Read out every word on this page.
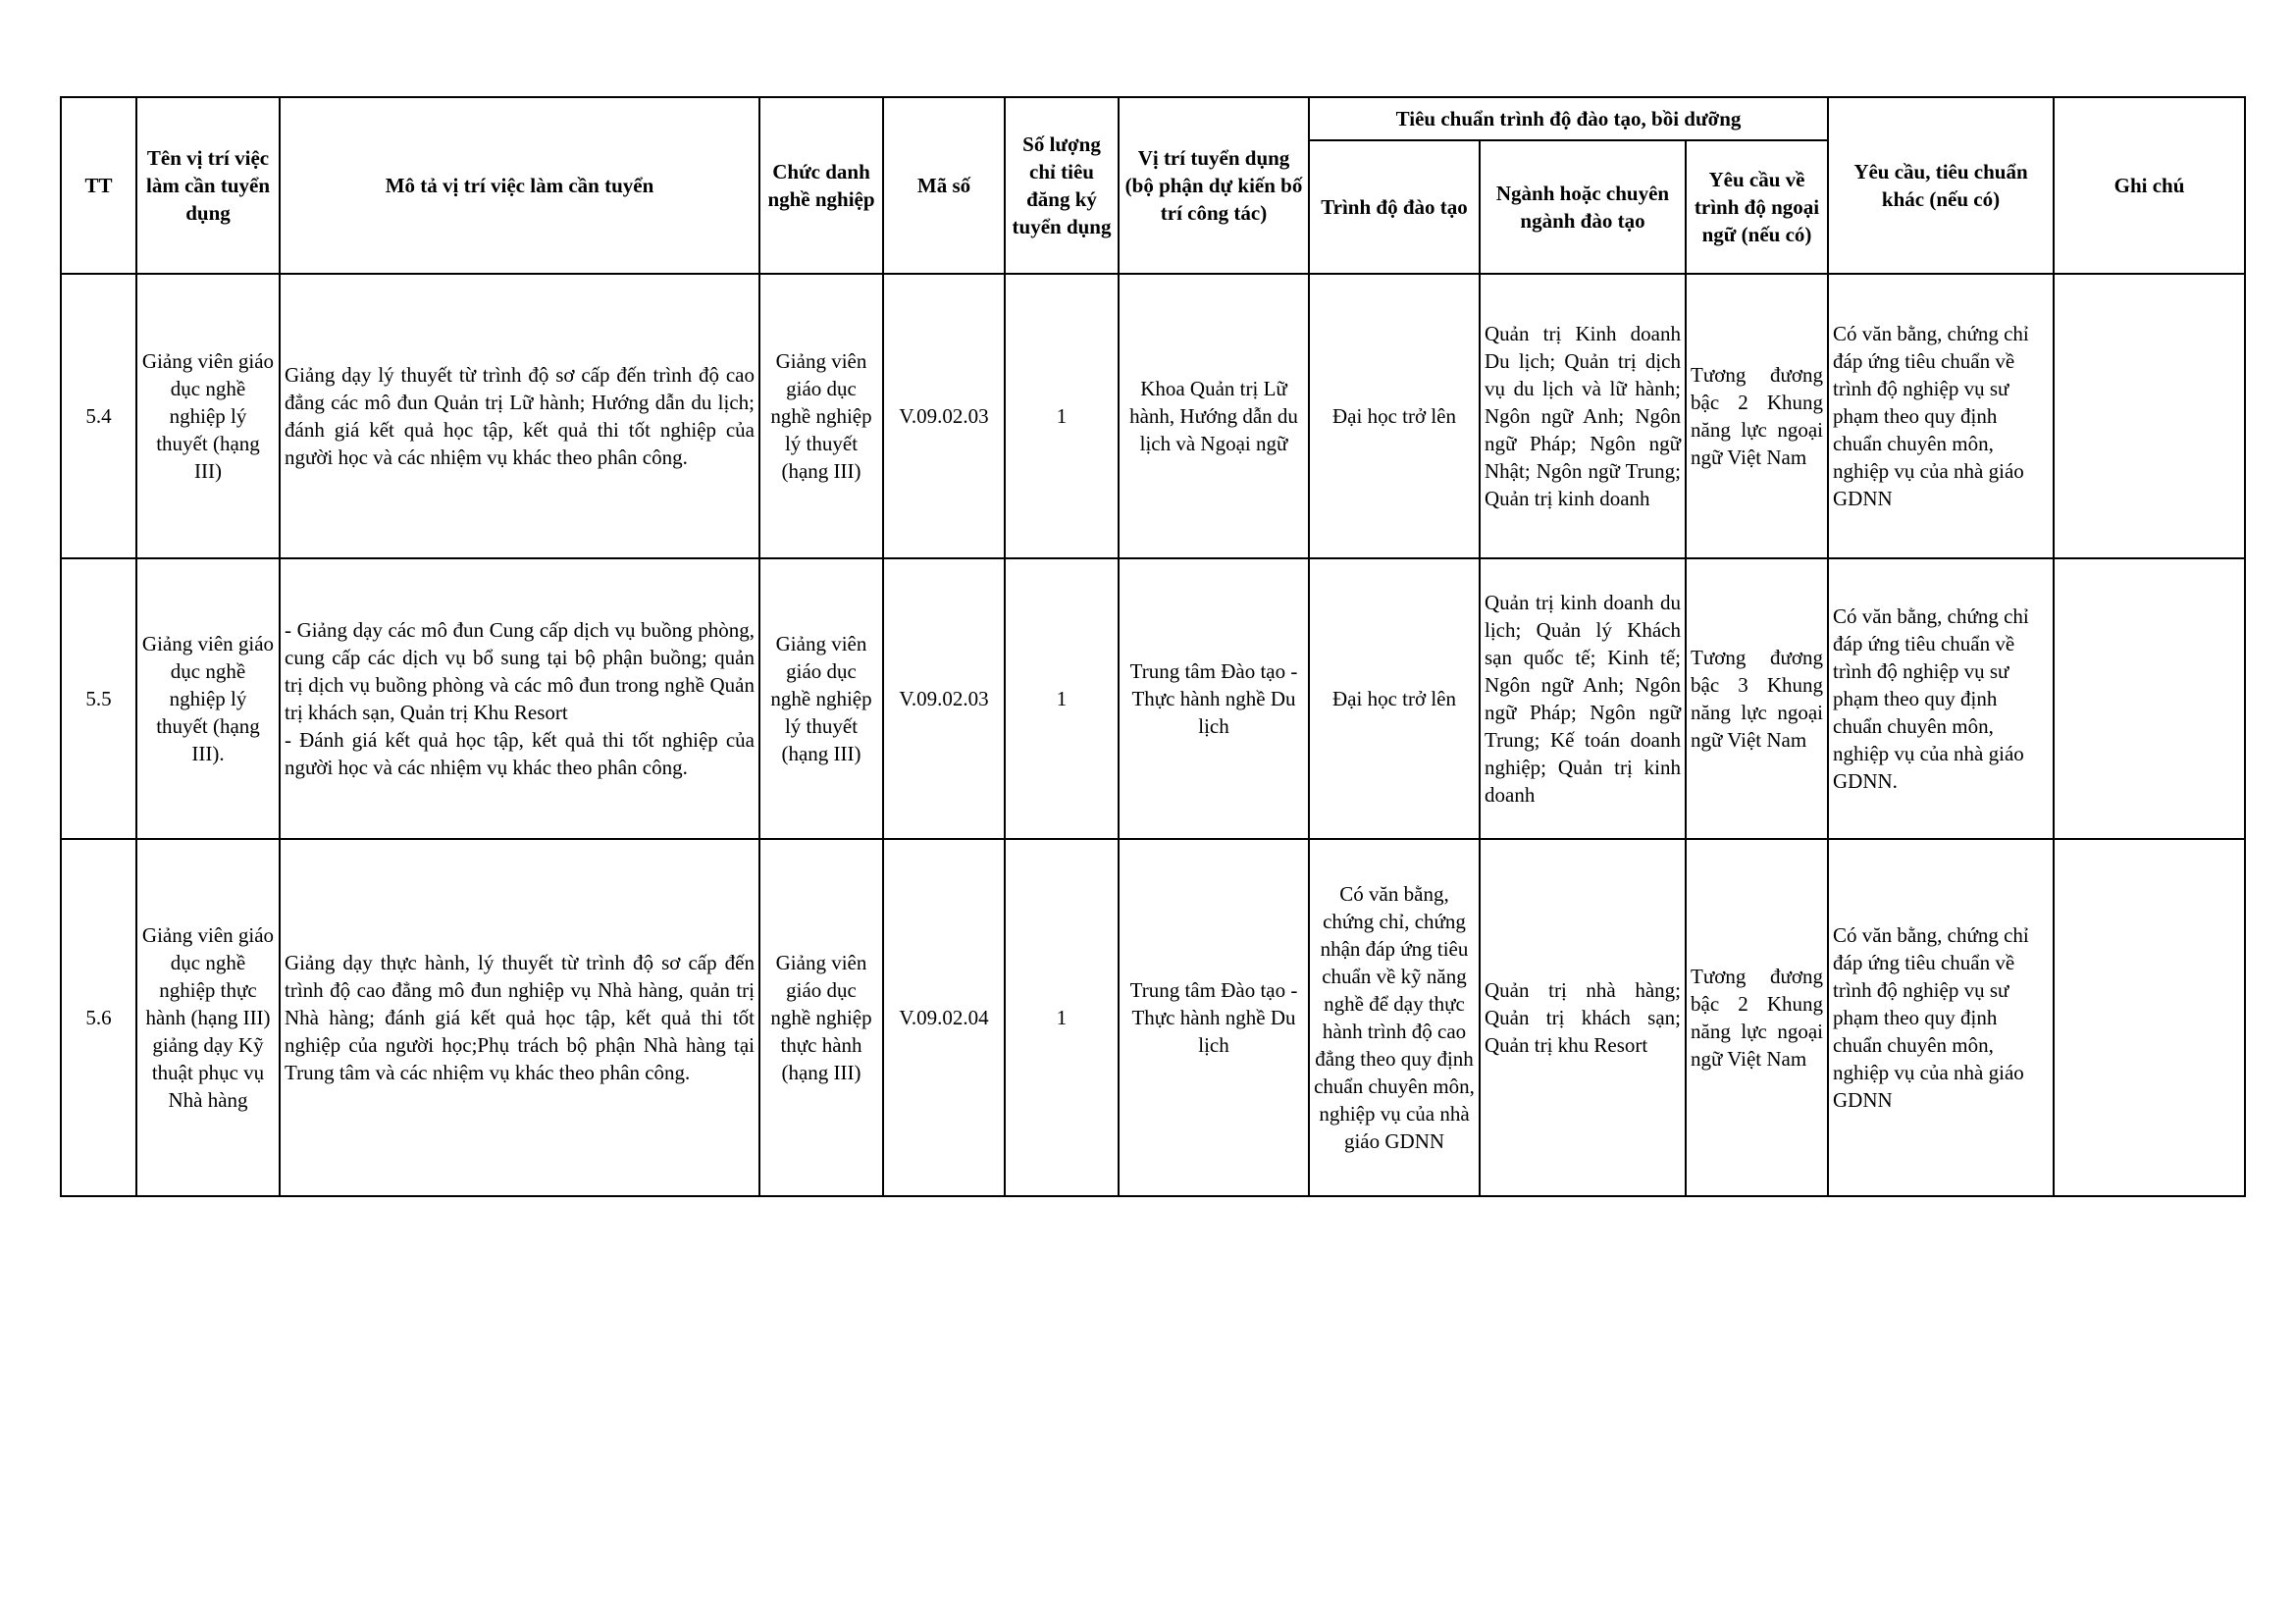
TT	Tên vị trí việc làm cần tuyển dụng	Mô tả vị trí việc làm cần tuyển	Chức danh nghề nghiệp	Mã số	Số lượng chỉ tiêu đăng ký tuyển dụng	Vị trí tuyển dụng (bộ phận dự kiến bố trí công tác)	Tiêu chuẩn trình độ đào tạo, bồi dưỡng			Yêu cầu, tiêu chuẩn khác (nếu có)	Ghi chú
							Trình độ đào tạo	Ngành hoặc chuyên ngành đào tạo	Yêu cầu về trình độ ngoại ngữ (nếu có)		
5.4	Giảng viên giáo dục nghề nghiệp lý thuyết (hạng III)	Giảng dạy lý thuyết từ trình độ sơ cấp đến trình độ cao đẳng các mô đun Quản trị Lữ hành; Hướng dẫn du lịch; đánh giá kết quả học tập, kết quả thi tốt nghiệp của người học và các nhiệm vụ khác theo phân công.	Giảng viên giáo dục nghề nghiệp lý thuyết (hạng III)	V.09.02.03	1	Khoa Quản trị Lữ hành, Hướng dẫn du lịch và Ngoại ngữ	Đại học trở lên	Quản trị Kinh doanh Du lịch; Quản trị dịch vụ du lịch và lữ hành; Ngôn ngữ Anh; Ngôn ngữ Pháp; Ngôn ngữ Nhật; Ngôn ngữ Trung; Quản trị kinh doanh	Tương đương bậc 2 Khung năng lực ngoại ngữ Việt Nam	Có văn bằng, chứng chỉ đáp ứng tiêu chuẩn về trình độ nghiệp vụ sư phạm theo quy định chuẩn chuyên môn, nghiệp vụ của nhà giáo GDNN	
5.5	Giảng viên giáo dục nghề nghiệp lý thuyết (hạng III).	- Giảng dạy các mô đun Cung cấp dịch vụ buồng phòng, cung cấp các dịch vụ bổ sung tại bộ phận buồng; quản trị dịch vụ buồng phòng và các mô đun trong nghề Quản trị khách sạn, Quản trị Khu Resort
- Đánh giá kết quả học tập, kết quả thi tốt nghiệp của người học và các nhiệm vụ khác theo phân công.	Giảng viên giáo dục nghề nghiệp lý thuyết (hạng III)	V.09.02.03	1	Trung tâm Đào tạo - Thực hành nghề Du lịch	Đại học trở lên	Quản trị kinh doanh du lịch; Quản lý Khách sạn quốc tế; Kinh tế; Ngôn ngữ Anh; Ngôn ngữ Pháp; Ngôn ngữ Trung; Kế toán doanh nghiệp; Quản trị kinh doanh	Tương đương bậc 3 Khung năng lực ngoại ngữ Việt Nam	Có văn bằng, chứng chỉ đáp ứng tiêu chuẩn về trình độ nghiệp vụ sư phạm theo quy định chuẩn chuyên môn, nghiệp vụ của nhà giáo GDNN.	
5.6	Giảng viên giáo dục nghề nghiệp thực hành (hạng III) giảng dạy Kỹ thuật phục vụ Nhà hàng	Giảng dạy thực hành, lý thuyết từ trình độ sơ cấp đến trình độ cao đẳng mô đun nghiệp vụ Nhà hàng, quản trị Nhà hàng; đánh giá kết quả học tập, kết quả thi tốt nghiệp của người học;Phụ trách bộ phận Nhà hàng tại Trung tâm và các nhiệm vụ khác theo phân công.	Giảng viên giáo dục nghề nghiệp thực hành (hạng III)	V.09.02.04	1	Trung tâm Đào tạo - Thực hành nghề Du lịch	Có văn bằng, chứng chỉ, chứng nhận đáp ứng tiêu chuẩn về kỹ năng nghề để dạy thực hành trình độ cao đẳng theo quy định chuẩn chuyên môn, nghiệp vụ của nhà giáo GDNN	Quản trị nhà hàng; Quản trị khách sạn; Quản trị khu Resort	Tương đương bậc 2 Khung năng lực ngoại ngữ Việt Nam	Có văn bằng, chứng chỉ đáp ứng tiêu chuẩn về trình độ nghiệp vụ sư phạm theo quy định chuẩn chuyên môn, nghiệp vụ của nhà giáo GDNN	
